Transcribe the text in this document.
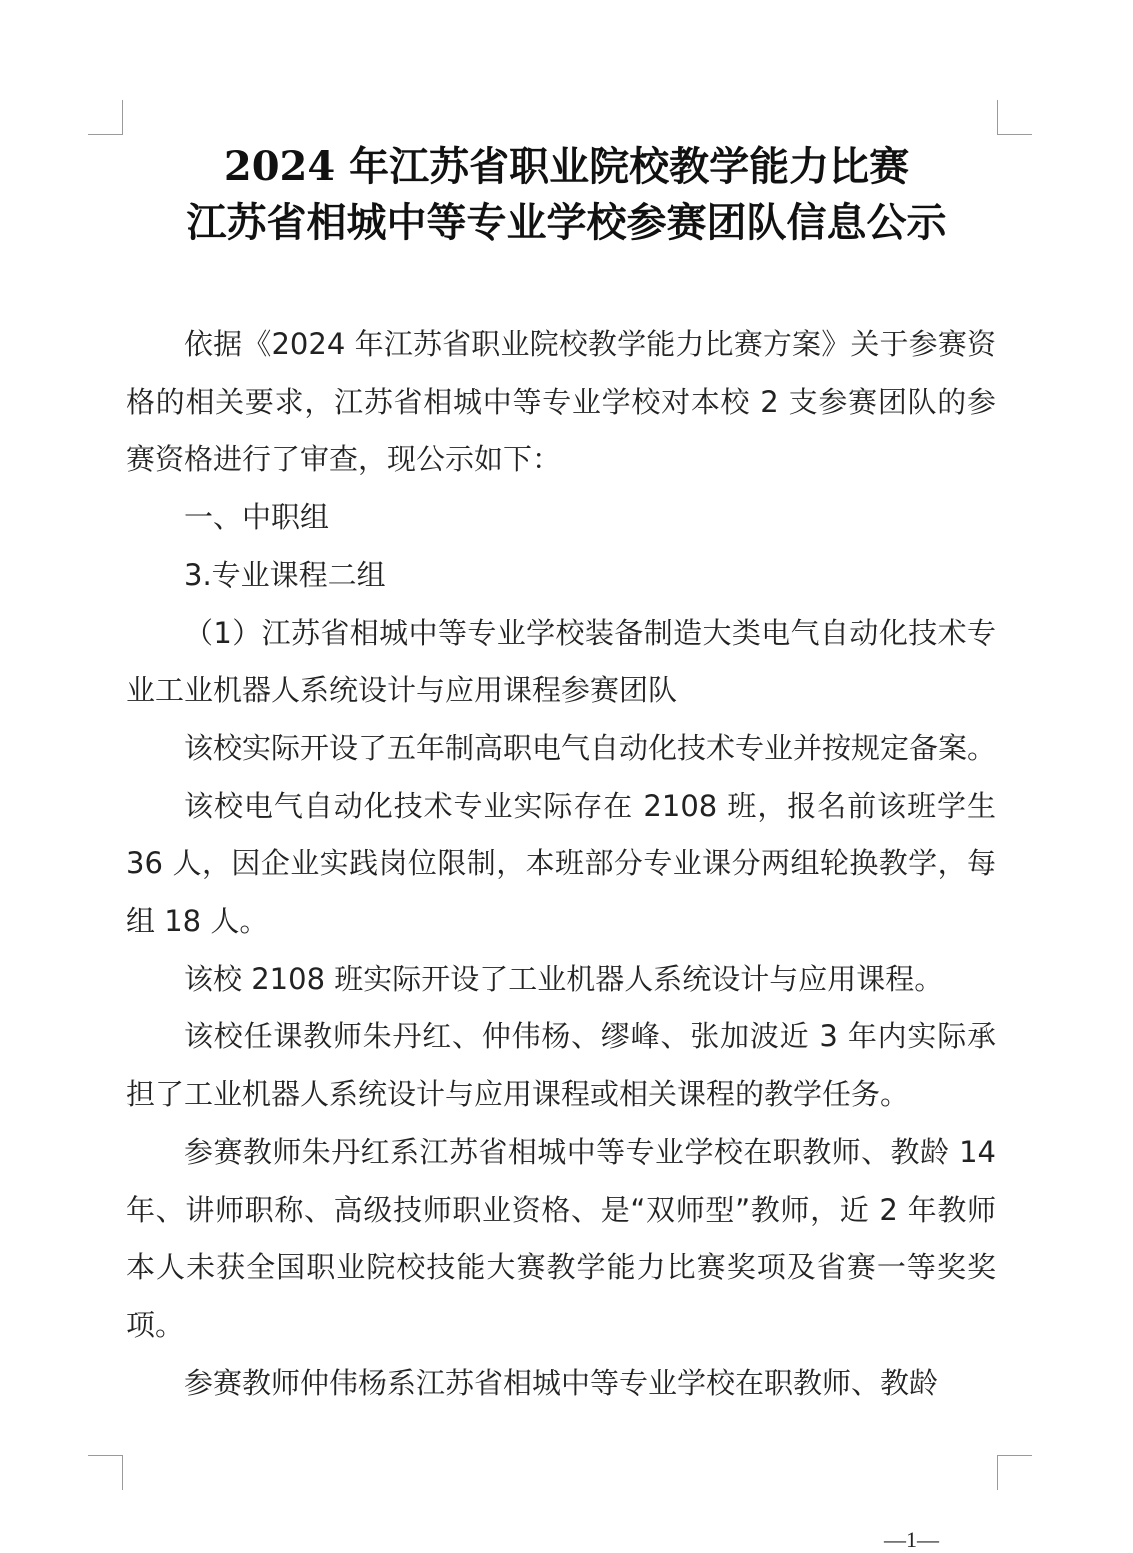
2024 年江苏省职业院校教学能力比赛
江苏省相城中等专业学校参赛团队信息公示

依据《2024 年江苏省职业院校教学能力比赛方案》关于参赛资格的相关要求，江苏省相城中等专业学校对本校 2 支参赛团队的参赛资格进行了审查，现公示如下：

一、中职组

3.专业课程二组

（1）江苏省相城中等专业学校装备制造大类电气自动化技术专业工业机器人系统设计与应用课程参赛团队

该校实际开设了五年制高职电气自动化技术专业并按规定备案。

该校电气自动化技术专业实际存在 2108 班，报名前该班学生 36 人，因企业实践岗位限制，本班部分专业课分两组轮换教学，每组 18 人。

该校 2108 班实际开设了工业机器人系统设计与应用课程。

该校任课教师朱丹红、仲伟杨、缪峰、张加波近 3 年内实际承担了工业机器人系统设计与应用课程或相关课程的教学任务。

参赛教师朱丹红系江苏省相城中等专业学校在职教师、教龄 14 年、讲师职称、高级技师职业资格、是“双师型”教师，近 2 年教师本人未获全国职业院校技能大赛教学能力比赛奖项及省赛一等奖奖项。

参赛教师仲伟杨系江苏省相城中等专业学校在职教师、教龄

—1—
